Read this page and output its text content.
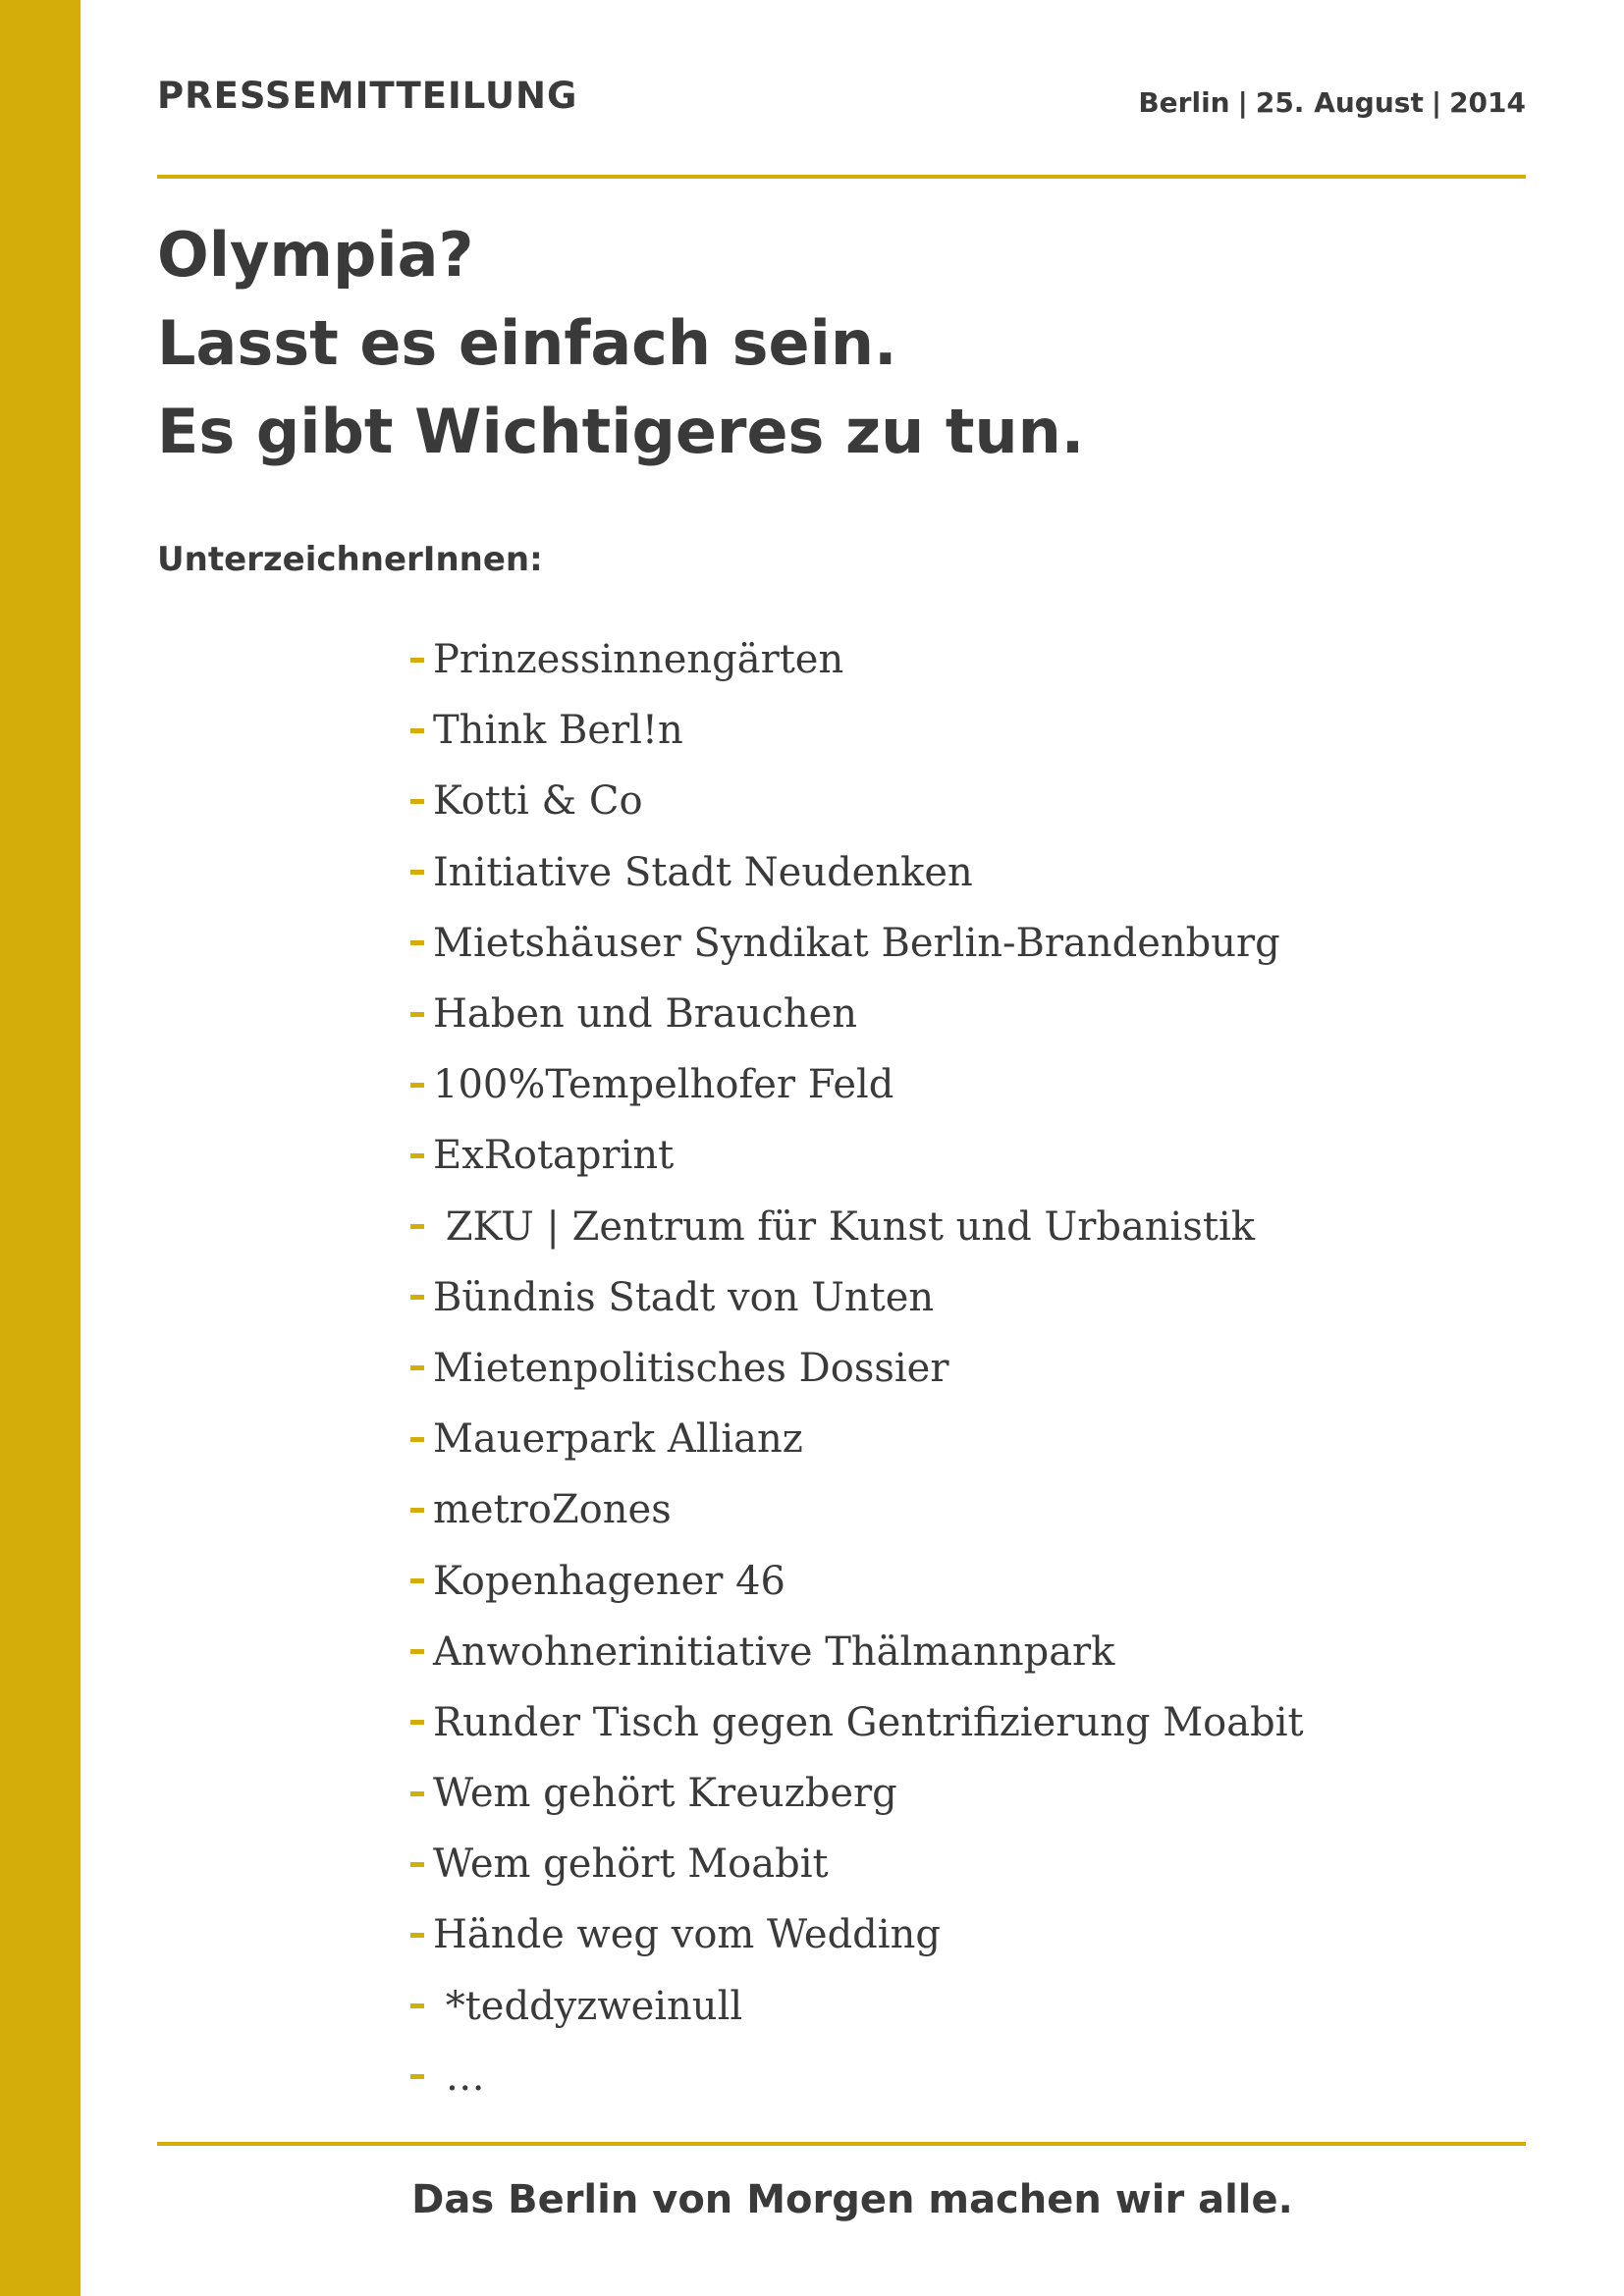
PRESSEMITTEILUNG	Berlin | 25. August | 2014
Olympia?
Lasst es einfach sein.
Es gibt Wichtigeres zu tun.
UnterzeichnerInnen:
Prinzessinnengärten
Think Berl!n
Kotti & Co
Initiative Stadt Neudenken
Mietshäuser Syndikat Berlin-Brandenburg
Haben und Brauchen
100%Tempelhofer Feld
ExRotaprint
ZKU | Zentrum für Kunst und Urbanistik
Bündnis Stadt von Unten
Mietenpolitisches Dossier
Mauerpark Allianz
metroZones
Kopenhagener 46
Anwohnerinitiative Thälmannpark
Runder Tisch gegen Gentrifizierung Moabit
Wem gehört Kreuzberg
Wem gehört Moabit
Hände weg vom Wedding
*teddyzweinull
…
Das Berlin von Morgen machen wir alle.
